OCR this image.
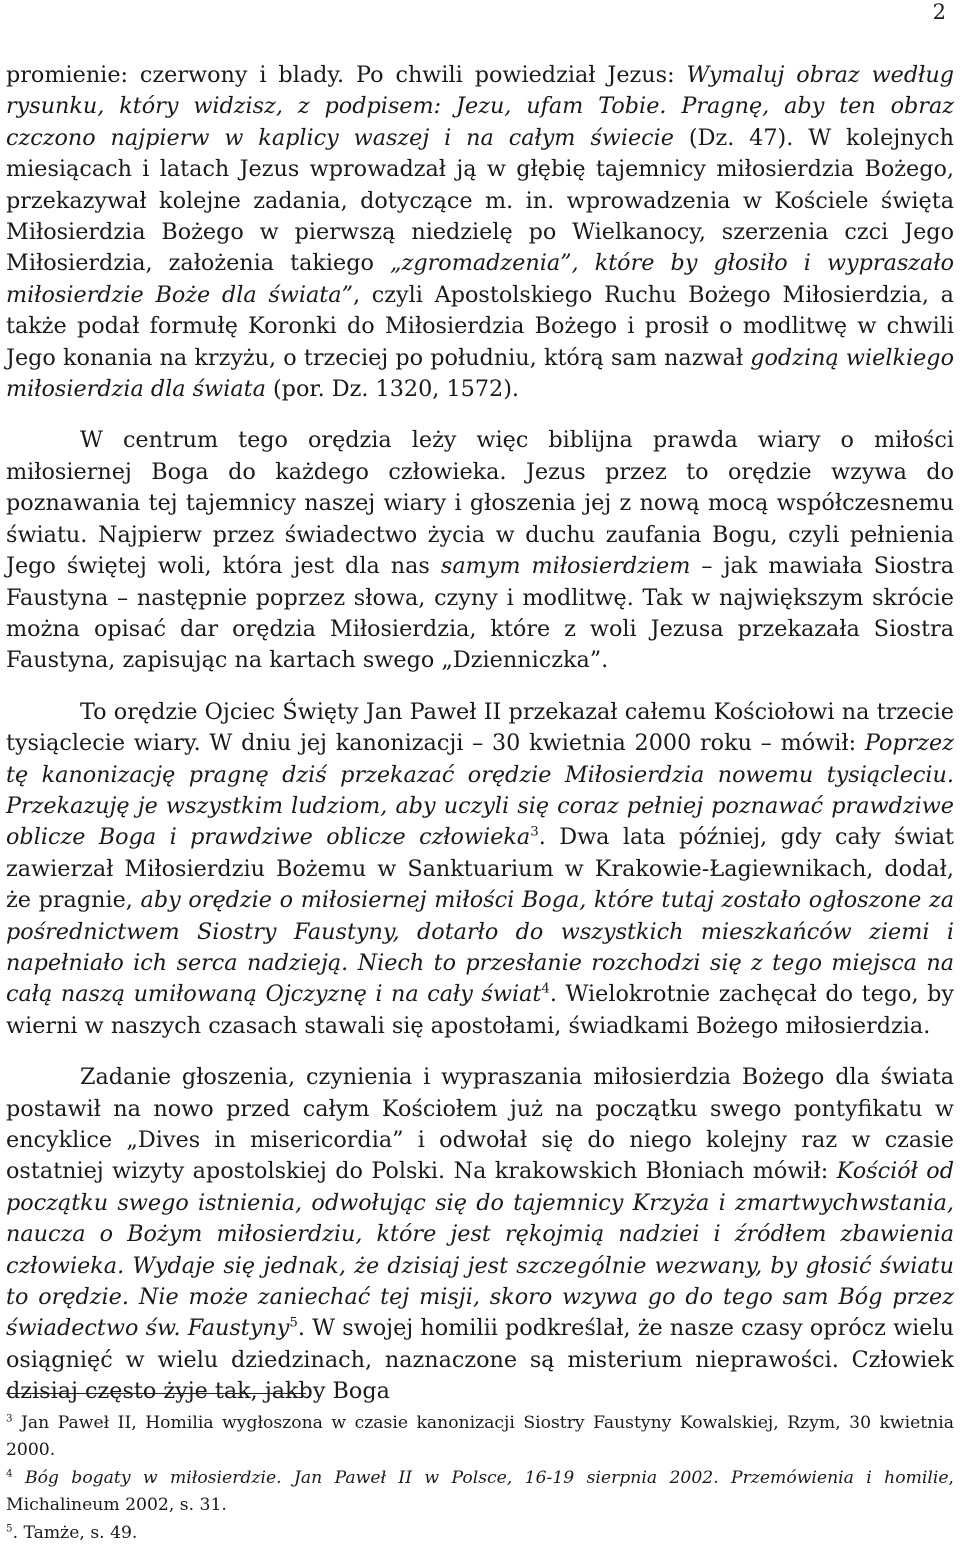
2

promienie: czerwony i blady. Po chwili powiedział Jezus: Wymaluj obraz według rysunku, który widzisz, z podpisem: Jezu, ufam Tobie. Pragnę, aby ten obraz czczono najpierw w kaplicy waszej i na całym świecie (Dz. 47). W kolejnych miesiącach i latach Jezus wprowadzał ją w głębię tajemnicy miłosierdzia Bożego, przekazywał kolejne zadania, dotyczące m. in. wprowadzenia w Kościele święta Miłosierdzia Bożego w pierwszą niedzielę po Wielkanocy, szerzenia czci Jego Miłosierdzia, założenia takiego „zgromadzenia”, które by głosiło i wypraszało miłosierdzie Boże dla świata”, czyli Apostolskiego Ruchu Bożego Miłosierdzia, a także podał formułę Koronki do Miłosierdzia Bożego i prosił o modlitwę w chwili Jego konania na krzyżu, o trzeciej po południu, którą sam nazwał godziną wielkiego miłosierdzia dla świata (por. Dz. 1320, 1572).

W centrum tego orędzia leży więc biblijna prawda wiary o miłości miłosiernej Boga do każdego człowieka. Jezus przez to orędzie wzywa do poznawania tej tajemnicy naszej wiary i głoszenia jej z nową mocą współczesnemu światu. Najpierw przez świadectwo życia w duchu zaufania Bogu, czyli pełnienia Jego świętej woli, która jest dla nas samym miłosierdziem – jak mawiała Siostra Faustyna – następnie poprzez słowa, czyny i modlitwę. Tak w największym skrócie można opisać dar orędzia Miłosierdzia, które z woli Jezusa przekazała Siostra Faustyna, zapisując na kartach swego „Dzienniczka”.

To orędzie Ojciec Święty Jan Paweł II przekazał całemu Kościołowi na trzecie tysiąclecie wiary. W dniu jej kanonizacji – 30 kwietnia 2000 roku – mówił: Poprzez tę kanonizację pragnę dziś przekazać orędzie Miłosierdzia nowemu tysiącleciu. Przekazuję je wszystkim ludziom, aby uczyli się coraz pełniej poznawać prawdziwe oblicze Boga i prawdziwe oblicze człowieka$^3$. Dwa lata później, gdy cały świat zawierzał Miłosierdziu Bożemu w Sanktuarium w Krakowie-Łagiewnikach, dodał, że pragnie, aby orędzie o miłosiernej miłości Boga, które tutaj zostało ogłoszone za pośrednictwem Siostry Faustyny, dotarło do wszystkich mieszkańców ziemi i napełniało ich serca nadzieją. Niech to przesłanie rozchodzi się z tego miejsca na całą naszą umiłowaną Ojczyznę i na cały świat$^4$. Wielokrotnie zachęcał do tego, by wierni w naszych czasach stawali się apostołami, świadkami Bożego miłosierdzia.

Zadanie głoszenia, czynienia i wypraszania miłosierdzia Bożego dla świata postawił na nowo przed całym Kościołem już na początku swego pontyfikatu w encyklice „Dives in misericordia” i odwołał się do niego kolejny raz w czasie ostatniej wizyty apostolskiej do Polski. Na krakowskich Błoniach mówił: Kościół od początku swego istnienia, odwołując się do tajemnicy Krzyża i zmartwychwstania, naucza o Bożym miłosierdziu, które jest rękojmią nadziei i źródłem zbawienia człowieka. Wydaje się jednak, że dzisiaj jest szczególnie wezwany, by głosić światu to orędzie. Nie może zaniechać tej misji, skoro wzywa go do tego sam Bóg przez świadectwo św. Faustyny$^5$. W swojej homilii podkreślał, że nasze czasy oprócz wielu osiągnięć w wielu dziedzinach, naznaczone są misterium nieprawości. Człowiek dzisiaj często żyje tak, jakby Boga

$^3$ Jan Paweł II, Homilia wygłoszona w czasie kanonizacji Siostry Faustyny Kowalskiej, Rzym, 30 kwietnia 2000.

$^4$ Bóg bogaty w miłosierdzie. Jan Paweł II w Polsce, 16-19 sierpnia 2002. Przemówienia i homilie, Michalineum 2002, s. 31.

$^5$. Tamże, s. 49.
